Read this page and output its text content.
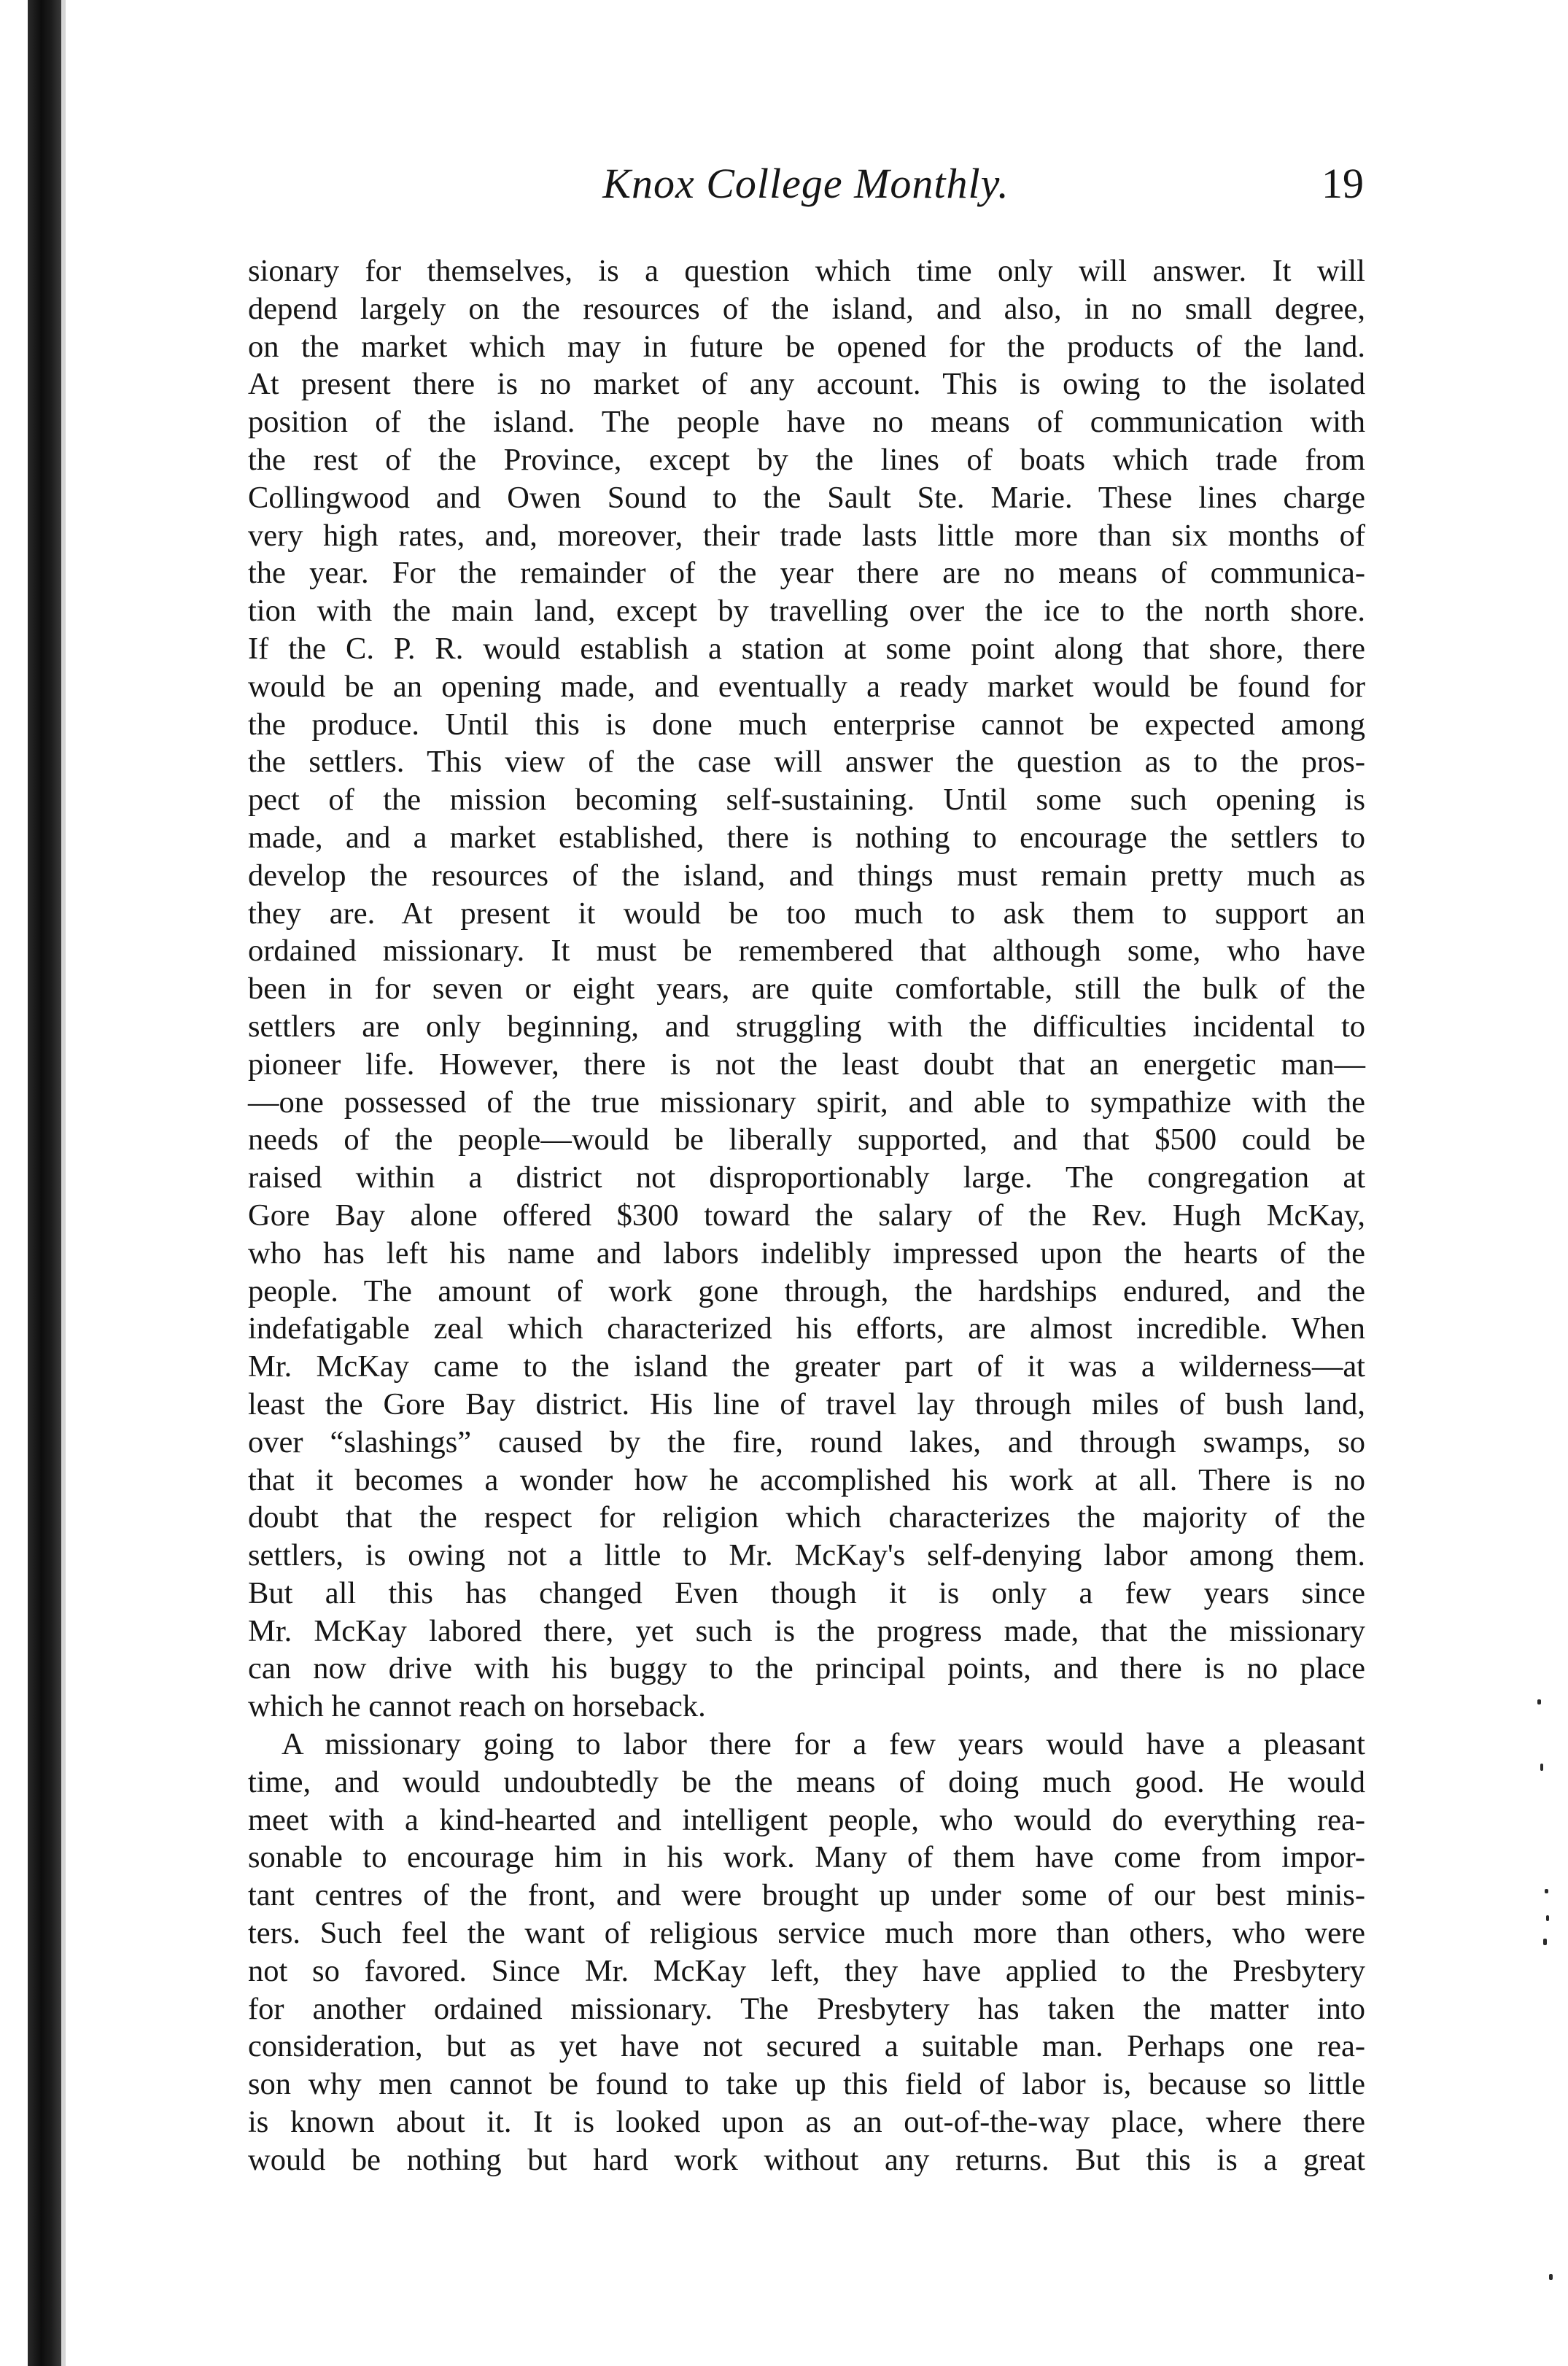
Knox College Monthly.	19

sionary for themselves, is a question which time only will answer. It will

depend largely on the resources of the island, and also, in no small degree,

on the market which may in future be opened for the products of the land.

At present there is no market of any account. This is owing to the isolated

position of the island. The people have no means of communication with

the rest of the Province, except by the lines of boats which trade from

Collingwood and Owen Sound to the Sault Ste. Marie. These lines charge

very high rates, and, moreover, their trade lasts little more than six months of

the year. For the remainder of the year there are no means of communica-

tion with the main land, except by travelling over the ice to the north shore.

If the C. P. R. would establish a station at some point along that shore, there

would be an opening made, and eventually a ready market would be found for

the produce. Until this is done much enterprise cannot be expected among

the settlers. This view of the case will answer the question as to the pros-

pect of the mission becoming self-sustaining. Until some such opening is

made, and a market established, there is nothing to encourage the settlers to

develop the resources of the island, and things must remain pretty much as

they are. At present it would be too much to ask them to support an

ordained missionary. It must be remembered that although some, who have

been in for seven or eight years, are quite comfortable, still the bulk of the

settlers are only beginning, and struggling with the difficulties incidental to

pioneer life. However, there is not the least doubt that an energetic man—

—one possessed of the true missionary spirit, and able to sympathize with the

needs of the people—would be liberally supported, and that $500 could be

raised within a district not disproportionably large. The congregation at

Gore Bay alone offered $300 toward the salary of the Rev. Hugh McKay,

who has left his name and labors indelibly impressed upon the hearts of the

people. The amount of work gone through, the hardships endured, and the

indefatigable zeal which characterized his efforts, are almost incredible. When

Mr. McKay came to the island the greater part of it was a wilderness—at

least the Gore Bay district. His line of travel lay through miles of bush land,

over “slashings” caused by the fire, round lakes, and through swamps, so

that it becomes a wonder how he accomplished his work at all. There is no

doubt that the respect for religion which characterizes the majority of the

settlers, is owing not a little to Mr. McKay's self-denying labor among them.

But all this has changed Even though it is only a few years since

Mr. McKay labored there, yet such is the progress made, that the missionary

can now drive with his buggy to the principal points, and there is no place

which he cannot reach on horseback.

A missionary going to labor there for a few years would have a pleasant

time, and would undoubtedly be the means of doing much good. He would

meet with a kind-hearted and intelligent people, who would do everything rea-

sonable to encourage him in his work. Many of them have come from impor-

tant centres of the front, and were brought up under some of our best minis-

ters. Such feel the want of religious service much more than others, who were

not so favored. Since Mr. McKay left, they have applied to the Presbytery

for another ordained missionary. The Presbytery has taken the matter into

consideration, but as yet have not secured a suitable man. Perhaps one rea-

son why men cannot be found to take up this field of labor is, because so little

is known about it. It is looked upon as an out-of-the-way place, where there

would be nothing but hard work without any returns. But this is a great
